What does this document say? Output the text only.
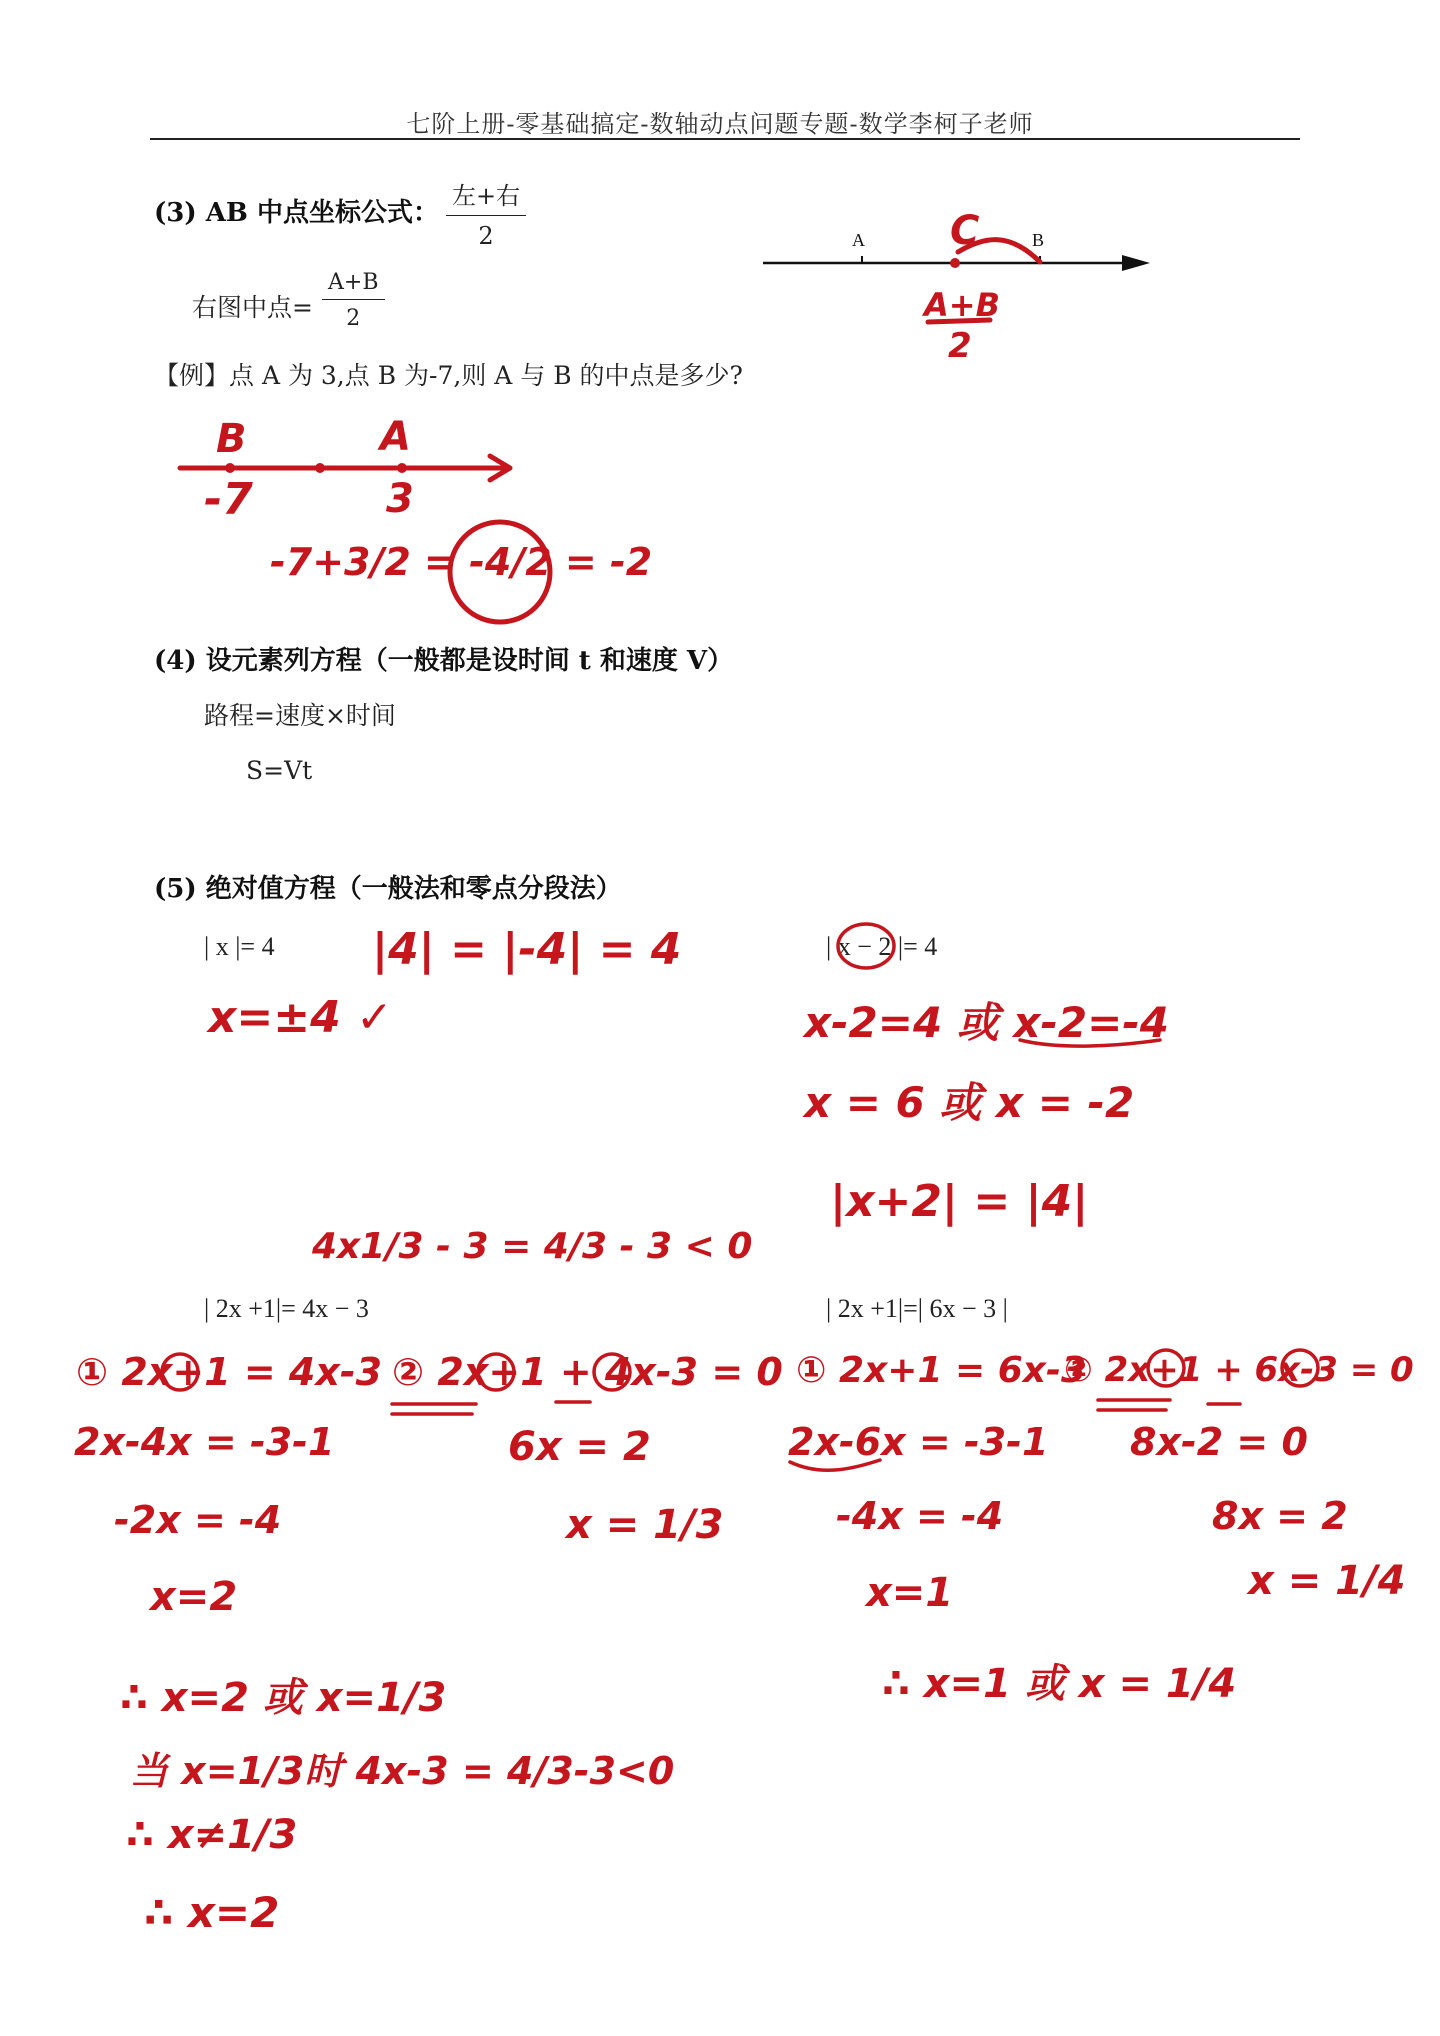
七阶上册-零基础搞定-数轴动点问题专题-数学李柯子老师
(3) AB 中点坐标公式：
左+右
2
右图中点= $\frac{A+B}{2}$
A	B
C
A+B
2
【例】点 A 为 3,点 B 为-7,则 A 与 B 的中点是多少?
B	A
-7	3
-7+3/2 = -4/2 = -2
(4) 设元素列方程（一般都是设时间 t 和速度 V）
路程=速度×时间
S=Vt
(5) 绝对值方程（一般法和零点分段法）
| x |= 4	| x − 2 |= 4
|4| = |-4| = 4
x=±4 ✓	x-2=4 或 x-2=-4
x = 6 或 x = -2
|x+2| = |4|
4x1/3 - 3 = 4/3 - 3 < 0
| 2x +1|= 4x − 3	| 2x +1|=| 6x − 3 |
① 2x+1 = 4x-3
2x-4x = -3-1
-2x = -4
x=2
② 2x+1 + 4x-3 = 0
6x = 2
x = 1/3
∴ x=2 或 x=1/3
当 x=1/3时 4x-3 = 4/3-3<0
∴ x≠1/3
∴ x=2
① 2x+1 = 6x-3
2x-6x = -3-1
-4x = -4
x=1
② 2x+1 + 6x-3 = 0
8x-2 = 0
8x = 2
x = 1/4
∴ x=1 或 x = 1/4
